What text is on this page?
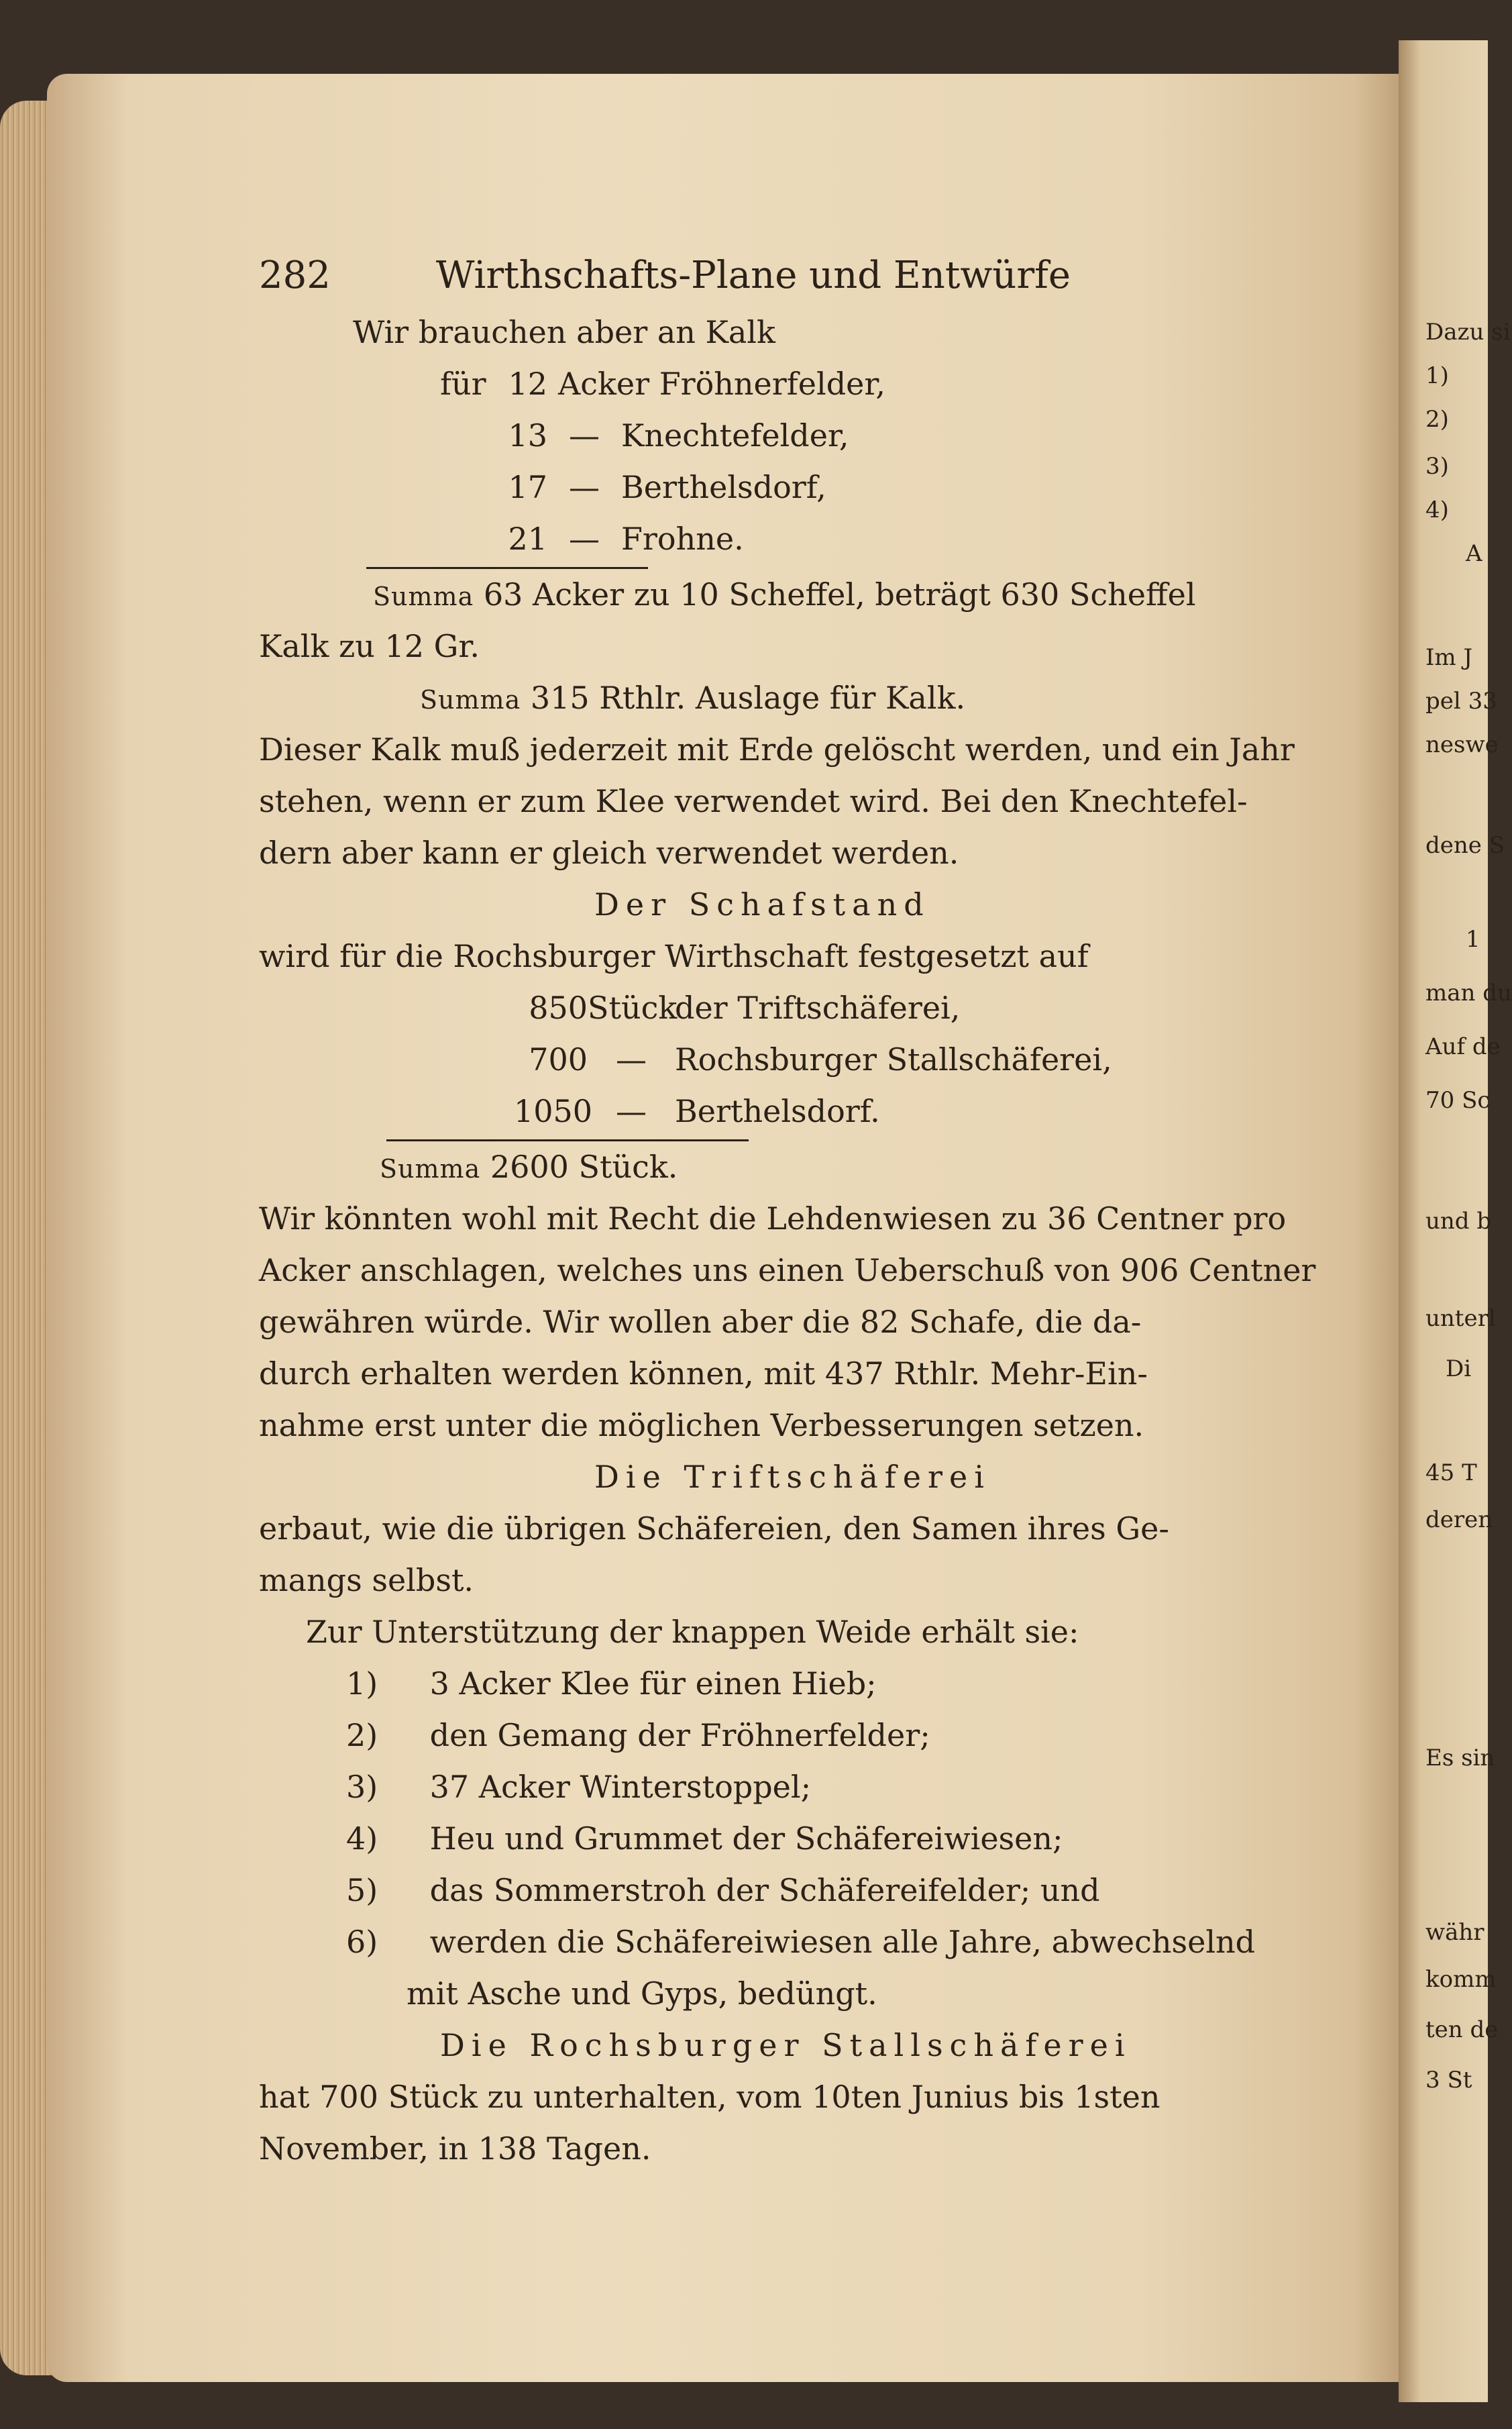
Dazu si
1)
2)
3)
4)
A
Im J
pel 33
neswe
dene S
1
man du
Auf de
70 Sc
und b
unterl
Di
45 T
deren
Es sin
währ
komm
ten de
3 St
282	Wirthschafts-Plane und Entwürfe
Wir brauchen aber an Kalk
für 12 Acker Fröhnerfelder,
13 — Knechtefelder,
17 — Berthelsdorf,
21 — Frohne.
Summa 63 Acker zu 10 Scheffel, beträgt 630 Scheffel
Kalk zu 12 Gr.
Summa 315 Rthlr. Auslage für Kalk.
Dieser Kalk muß jederzeit mit Erde gelöscht werden, und ein Jahr
stehen, wenn er zum Klee verwendet wird. Bei den Knechtefel-
dern aber kann er gleich verwendet werden.
Der Schafstand
wird für die Rochsburger Wirthschaft festgesetzt auf
850 Stück
der Triftschäferei,
700 — Rochsburger Stallschäferei,
1050 — Berthelsdorf.
Summa 2600 Stück.
Wir könnten wohl mit Recht die Lehdenwiesen zu 36 Centner pro
Acker anschlagen, welches uns einen Ueberschuß von 906 Centner
gewähren würde. Wir wollen aber die 82 Schafe, die da-
durch erhalten werden können, mit 437 Rthlr. Mehr-Ein-
nahme erst unter die möglichen Verbesserungen setzen.
Die Triftschäferei
erbaut, wie die übrigen Schäfereien, den Samen ihres Ge-
mangs selbst.
Zur Unterstützung der knappen Weide erhält sie:
1) 3 Acker Klee für einen Hieb;
2) den Gemang der Fröhnerfelder;
3) 37 Acker Winterstoppel;
4) Heu und Grummet der Schäfereiwiesen;
5) das Sommerstroh der Schäfereifelder; und
6) werden die Schäfereiwiesen alle Jahre, abwechselnd
mit Asche und Gyps, bedüngt.
Die Rochsburger Stallschäferei
hat 700 Stück zu unterhalten, vom 10ten Junius bis 1sten
November, in 138 Tagen.
